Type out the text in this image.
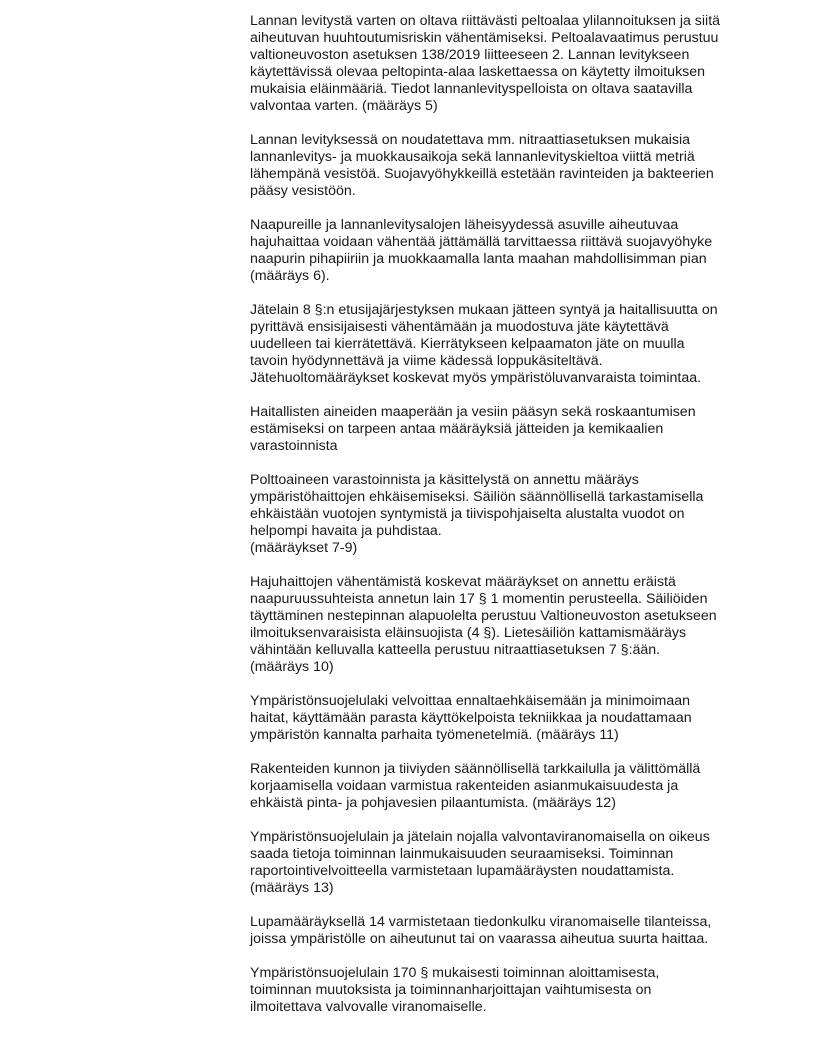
Lannan levitystä varten on oltava riittävästi peltoalaa ylilannoituksen ja siitä
aiheutuvan huuhtoutumisriskin vähentämiseksi. Peltoalavaatimus perustuu
valtioneuvoston asetuksen 138/2019 liitteeseen 2. Lannan levitykseen
käytettävissä olevaa peltopinta-alaa laskettaessa on käytetty ilmoituksen
mukaisia eläinmääriä. Tiedot lannanlevityspelloista on oltava saatavilla
valvontaa varten. (määräys 5)

Lannan levityksessä on noudatettava mm. nitraattiasetuksen mukaisia
lannanlevitys- ja muokkausaikoja sekä lannanlevityskieltoa viittä metriä
lähempänä vesistöä. Suojavyöhykkeillä estetään ravinteiden ja bakteerien
pääsy vesistöön.

Naapureille ja lannanlevitysalojen läheisyydessä asuville aiheutuvaa
hajuhaittaa voidaan vähentää jättämällä tarvittaessa riittävä suojavyöhyke
naapurin pihapiiriin ja muokkaamalla lanta maahan mahdollisimman pian
(määräys 6).

Jätelain 8 §:n etusijajärjestyksen mukaan jätteen syntyä ja haitallisuutta on
pyrittävä ensisijaisesti vähentämään ja muodostuva jäte käytettävä
uudelleen tai kierrätettävä. Kierrätykseen kelpaamaton jäte on muulla
tavoin hyödynnettävä ja viime kädessä loppukäsiteltävä.
Jätehuoltomääräykset koskevat myös ympäristöluvanvaraista toimintaa.

Haitallisten aineiden maaperään ja vesiin pääsyn sekä roskaantumisen
estämiseksi on tarpeen antaa määräyksiä jätteiden ja kemikaalien
varastoinnista

Polttoaineen varastoinnista ja käsittelystä on annettu määräys
ympäristöhaittojen ehkäisemiseksi. Säiliön säännöllisellä tarkastamisella
ehkäistään vuotojen syntymistä ja tiivispohjaiselta alustalta vuodot on
helpompi havaita ja puhdistaa.
(määräykset 7-9)

Hajuhaittojen vähentämistä koskevat määräykset on annettu eräistä
naapuruussuhteista annetun lain 17 § 1 momentin perusteella. Säiliöiden
täyttäminen nestepinnan alapuolelta perustuu Valtioneuvoston asetukseen
ilmoituksenvaraisista eläinsuojista (4 §). Lietesäiliön kattamismääräys
vähintään kelluvalla katteella perustuu nitraattiasetuksen 7 §:ään.
(määräys 10)

Ympäristönsuojelulaki velvoittaa ennaltaehkäisemään ja minimoimaan
haitat, käyttämään parasta käyttökelpoista tekniikkaa ja noudattamaan
ympäristön kannalta parhaita työmenetelmiä. (määräys 11)

Rakenteiden kunnon ja tiiviyden säännöllisellä tarkkailulla ja välittömällä
korjaamisella voidaan varmistua rakenteiden asianmukaisuudesta ja
ehkäistä pinta- ja pohjavesien pilaantumista. (määräys 12)

Ympäristönsuojelulain ja jätelain nojalla valvontaviranomaisella on oikeus
saada tietoja toiminnan lainmukaisuuden seuraamiseksi. Toiminnan
raportointivelvoitteella varmistetaan lupamääräysten noudattamista.
(määräys 13)

Lupamääräyksellä 14 varmistetaan tiedonkulku viranomaiselle tilanteissa,
joissa ympäristölle on aiheutunut tai on vaarassa aiheutua suurta haittaa.

Ympäristönsuojelulain 170 § mukaisesti toiminnan aloittamisesta,
toiminnan muutoksista ja toiminnanharjoittajan vaihtumisesta on
ilmoitettava valvovalle viranomaiselle.
